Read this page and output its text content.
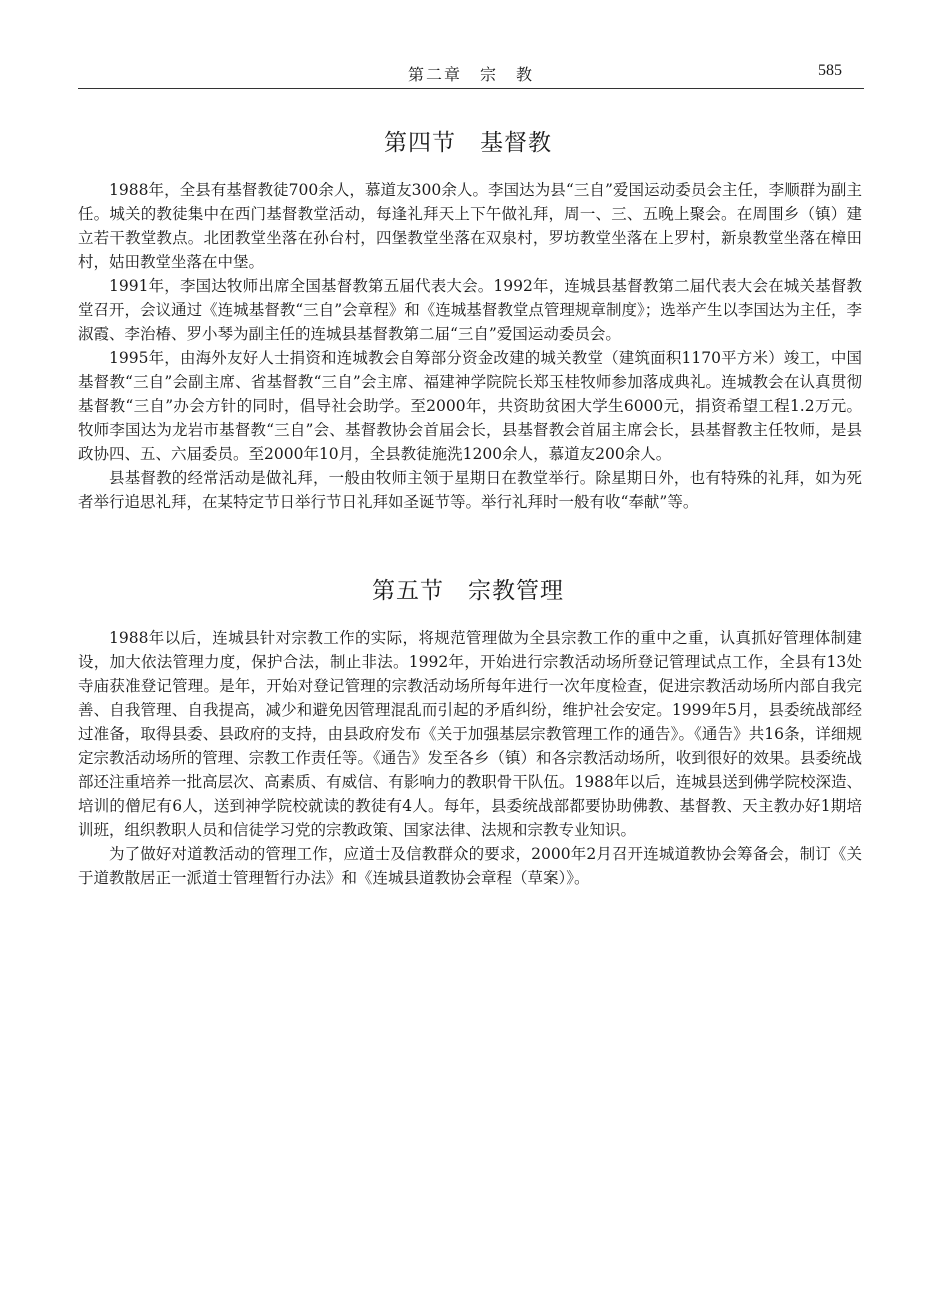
第二章　宗　教	585
第四节　基督教

1988年，全县有基督教徒700余人，慕道友300余人。李国达为县“三自”爱国运动委员会主任，李顺群为副主任。城关的教徒集中在西门基督教堂活动，每逢礼拜天上下午做礼拜，周一、三、五晚上聚会。在周围乡（镇）建立若干教堂教点。北团教堂坐落在孙台村，四堡教堂坐落在双泉村，罗坊教堂坐落在上罗村，新泉教堂坐落在樟田村，姑田教堂坐落在中堡。

1991年，李国达牧师出席全国基督教第五届代表大会。1992年，连城县基督教第二届代表大会在城关基督教堂召开，会议通过《连城基督教“三自”会章程》和《连城基督教堂点管理规章制度》；选举产生以李国达为主任，李淑霞、李治椿、罗小琴为副主任的连城县基督教第二届“三自”爱国运动委员会。

1995年，由海外友好人士捐资和连城教会自筹部分资金改建的城关教堂（建筑面积1170平方米）竣工，中国基督教“三自”会副主席、省基督教“三自”会主席、福建神学院院长郑玉桂牧师参加落成典礼。连城教会在认真贯彻基督教“三自”办会方针的同时，倡导社会助学。至2000年，共资助贫困大学生6000元，捐资希望工程1.2万元。牧师李国达为龙岩市基督教“三自”会、基督教协会首届会长，县基督教会首届主席会长，县基督教主任牧师，是县政协四、五、六届委员。至2000年10月，全县教徒施洗1200余人，慕道友200余人。

县基督教的经常活动是做礼拜，一般由牧师主领于星期日在教堂举行。除星期日外，也有特殊的礼拜，如为死者举行追思礼拜，在某特定节日举行节日礼拜如圣诞节等。举行礼拜时一般有收“奉献”等。

第五节　宗教管理

1988年以后，连城县针对宗教工作的实际，将规范管理做为全县宗教工作的重中之重，认真抓好管理体制建设，加大依法管理力度，保护合法，制止非法。1992年，开始进行宗教活动场所登记管理试点工作，全县有13处寺庙获准登记管理。是年，开始对登记管理的宗教活动场所每年进行一次年度检查，促进宗教活动场所内部自我完善、自我管理、自我提高，减少和避免因管理混乱而引起的矛盾纠纷，维护社会安定。1999年5月，县委统战部经过准备，取得县委、县政府的支持，由县政府发布《关于加强基层宗教管理工作的通告》。《通告》共16条，详细规定宗教活动场所的管理、宗教工作责任等。《通告》发至各乡（镇）和各宗教活动场所，收到很好的效果。县委统战部还注重培养一批高层次、高素质、有威信、有影响力的教职骨干队伍。1988年以后，连城县送到佛学院校深造、培训的僧尼有6人，送到神学院校就读的教徒有4人。每年，县委统战部都要协助佛教、基督教、天主教办好1期培训班，组织教职人员和信徒学习党的宗教政策、国家法律、法规和宗教专业知识。

为了做好对道教活动的管理工作，应道士及信教群众的要求，2000年2月召开连城道教协会筹备会，制订《关于道教散居正一派道士管理暂行办法》和《连城县道教协会章程（草案）》。
